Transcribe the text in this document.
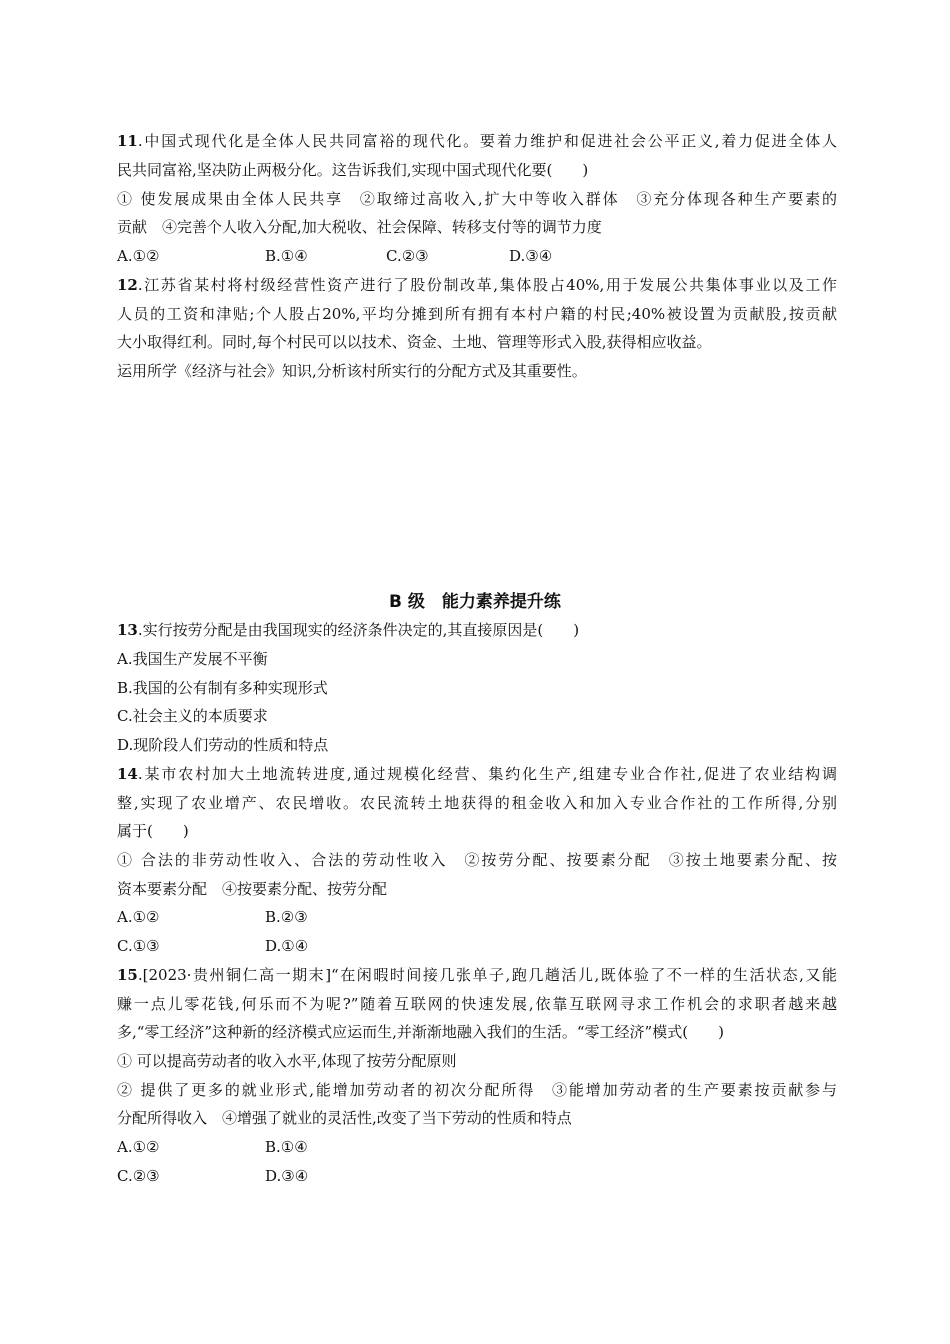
11.中国式现代化是全体人民共同富裕的现代化。要着力维护和促进社会公平正义,着力促进全体人
民共同富裕,坚决防止两极分化。这告诉我们,实现中国式现代化要(　　)
① 使发展成果由全体人民共享　②取缔过高收入,扩大中等收入群体　③充分体现各种生产要素的
贡献　④完善个人收入分配,加大税收、社会保障、转移支付等的调节力度
A.①②	B.①④	C.②③	D.③④
12.江苏省某村将村级经营性资产进行了股份制改革,集体股占40%,用于发展公共集体事业以及工作
人员的工资和津贴;个人股占20%,平均分摊到所有拥有本村户籍的村民;40%被设置为贡献股,按贡献
大小取得红利。同时,每个村民可以以技术、资金、土地、管理等形式入股,获得相应收益。
运用所学《经济与社会》知识,分析该村所实行的分配方式及其重要性。
B 级　能力素养提升练
13.实行按劳分配是由我国现实的经济条件决定的,其直接原因是(　　)
A.我国生产发展不平衡
B.我国的公有制有多种实现形式
C.社会主义的本质要求
D.现阶段人们劳动的性质和特点
14.某市农村加大土地流转进度,通过规模化经营、集约化生产,组建专业合作社,促进了农业结构调
整,实现了农业增产、农民增收。农民流转土地获得的租金收入和加入专业合作社的工作所得,分别
属于(　　)
① 合法的非劳动性收入、合法的劳动性收入　②按劳分配、按要素分配　③按土地要素分配、按
资本要素分配　④按要素分配、按劳分配
A.①②	B.②③
C.①③	D.①④
15.[2023·贵州铜仁高一期末]“在闲暇时间接几张单子,跑几趟活儿,既体验了不一样的生活状态,又能
赚一点儿零花钱,何乐而不为呢?”随着互联网的快速发展,依靠互联网寻求工作机会的求职者越来越
多,“零工经济”这种新的经济模式应运而生,并渐渐地融入我们的生活。“零工经济”模式(　　)
① 可以提高劳动者的收入水平,体现了按劳分配原则
② 提供了更多的就业形式,能增加劳动者的初次分配所得　③能增加劳动者的生产要素按贡献参与
分配所得收入　④增强了就业的灵活性,改变了当下劳动的性质和特点
A.①②	B.①④
C.②③	D.③④
